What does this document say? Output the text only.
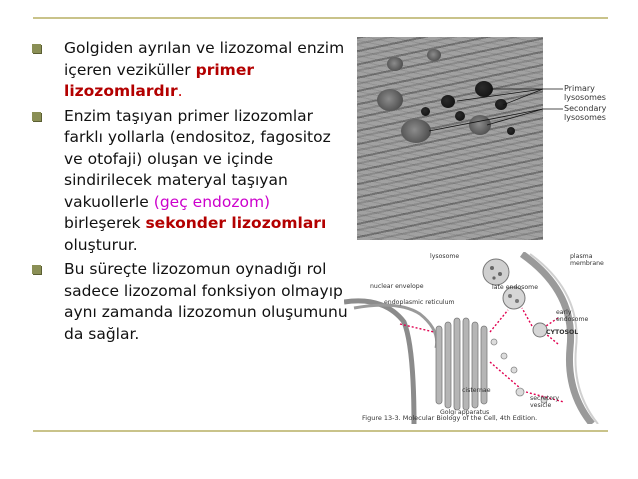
Golgiden ayrılan ve lizozomal enzim içeren veziküller primer lizozomlardır.
Enzim taşıyan primer lizozomlar farklı yollarla (endositoz, fagositoz ve otofaji) oluşan ve içinde sindirilecek materyal taşıyan vakuollerle (geç endozom) birleşerek sekonder lizozomları oluşturur.
Bu süreçte lizozomun oynadığı rol sadece lizozomal fonksiyon olmayıp aynı zamanda lizozomun oluşumunu da sağlar.
Primary
lysosomes
Secondary
lysosomes
lysosome
late endosome
plasma
membrane
nuclear envelope
endoplasmic reticulum
early
endosome
CYTOSOL
cisternae
Golgi apparatus
secretory
vesicle
Figure 13-3. Molecular Biology of the Cell, 4th Edition.
